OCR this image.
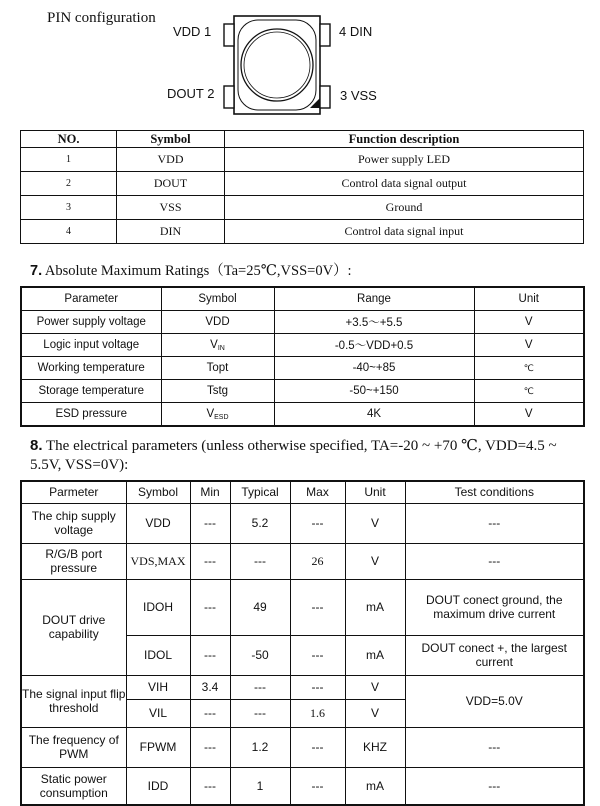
PIN configuration
VDD 1
DOUT 2
4 DIN
3 VSS
NO.	Symbol	Function description
1	VDD	Power supply LED
2	DOUT	Control data signal output
3	VSS	Ground
4	DIN	Control data signal input
7. Absolute Maximum Ratings（Ta=25℃,VSS=0V）:
Parameter	Symbol	Range	Unit
Power supply voltage	VDD	+3.5～+5.5	V
Logic input voltage	$V_{IN}$	-0.5～VDD+0.5	V
Working temperature	Topt	-40~+85	℃
Storage temperature	Tstg	-50~+150	℃
ESD pressure	$V_{ESD}$	4K	V
8. The electrical parameters (unless otherwise specified, TA=-20 ~ +70 ℃, VDD=4.5 ~ 5.5V, VSS=0V):
Parmeter	Symbol	Min	Typical	Max	Unit	Test conditions
The chip supply voltage	VDD	---	5.2	---	V	---
R/G/B port pressure	VDS,MAX	---	---	26	V	---
DOUT drive capability	IDOH	---	49	---	mA	DOUT conect ground, the maximum drive current
	IDOL	---	-50	---	mA	DOUT conect +, the largest current
The signal input flip threshold	VIH	3.4	---	---	V	VDD=5.0V
	VIL	---	---	1.6	V	
The frequency of PWM	FPWM	---	1.2	---	KHZ	---
Static power consumption	IDD	---	1	---	mA	---
